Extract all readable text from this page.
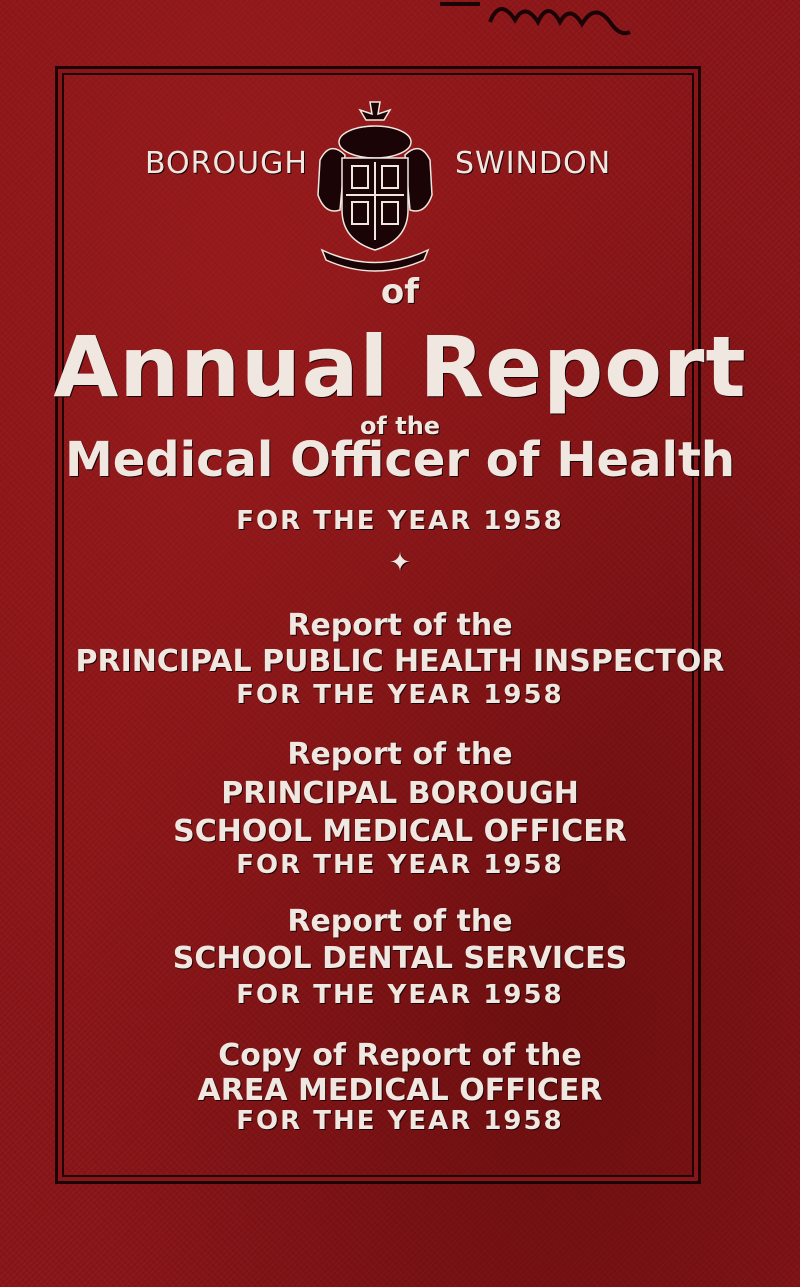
BOROUGH	SWINDON
of
Annual Report
of the
Medical Officer of Health
FOR THE YEAR 1958
✦
Report of the
PRINCIPAL PUBLIC HEALTH INSPECTOR
FOR THE YEAR 1958
Report of the
PRINCIPAL BOROUGH
SCHOOL MEDICAL OFFICER
FOR THE YEAR 1958
Report of the
SCHOOL DENTAL SERVICES
FOR THE YEAR 1958
Copy of Report of the
AREA MEDICAL OFFICER
FOR THE YEAR 1958
